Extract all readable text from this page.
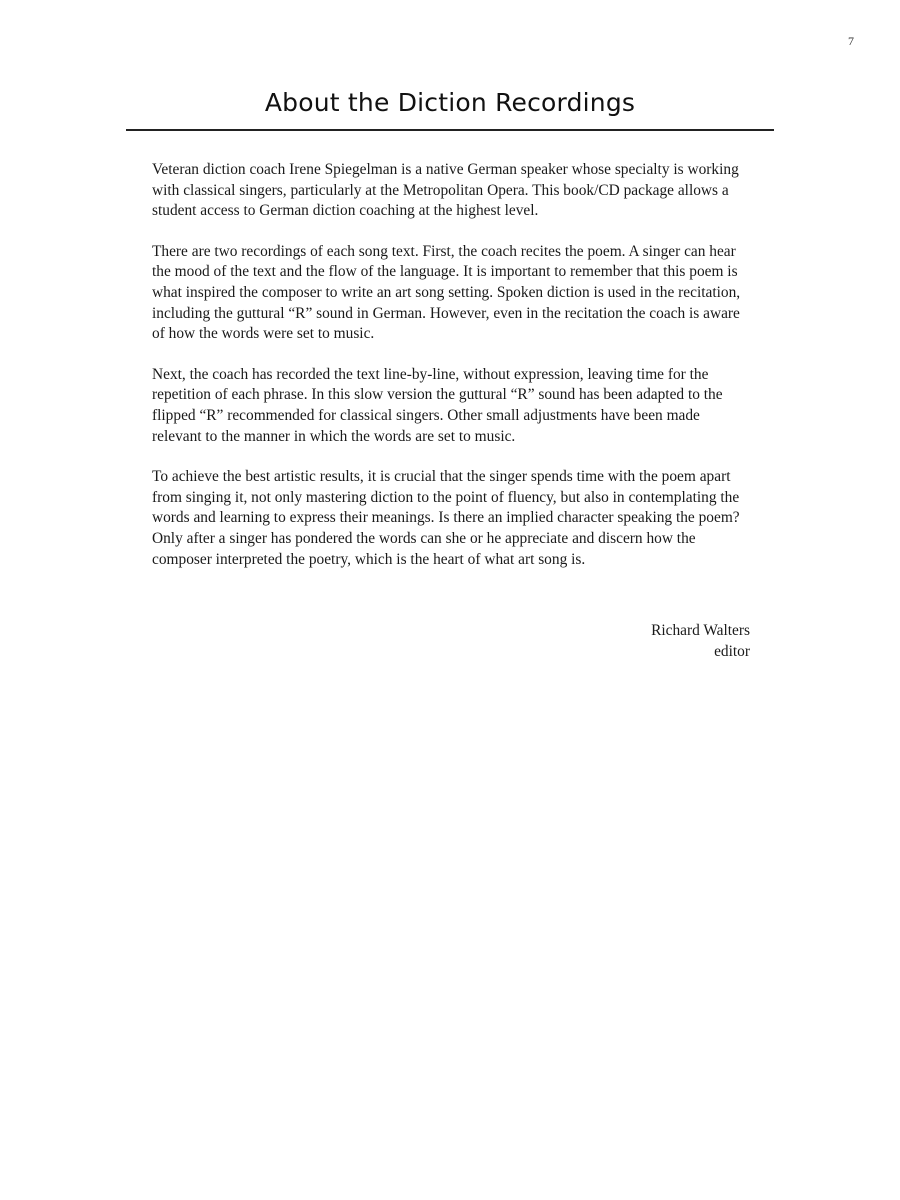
7
About the Diction Recordings

Veteran diction coach Irene Spiegelman is a native German speaker whose specialty is working with classical singers, particularly at the Metropolitan Opera. This book/CD package allows a student access to German diction coaching at the highest level.

There are two recordings of each song text. First, the coach recites the poem. A singer can hear the mood of the text and the flow of the language. It is important to remember that this poem is what inspired the composer to write an art song setting. Spoken diction is used in the recitation, including the guttural “R” sound in German. However, even in the recitation the coach is aware of how the words were set to music.

Next, the coach has recorded the text line-by-line, without expression, leaving time for the repetition of each phrase. In this slow version the guttural “R” sound has been adapted to the flipped “R” recommended for classical singers. Other small adjustments have been made relevant to the manner in which the words are set to music.

To achieve the best artistic results, it is crucial that the singer spends time with the poem apart from singing it, not only mastering diction to the point of fluency, but also in contemplating the words and learning to express their meanings. Is there an implied character speaking the poem? Only after a singer has pondered the words can she or he appreciate and discern how the composer interpreted the poetry, which is the heart of what art song is.

Richard Walters
editor
